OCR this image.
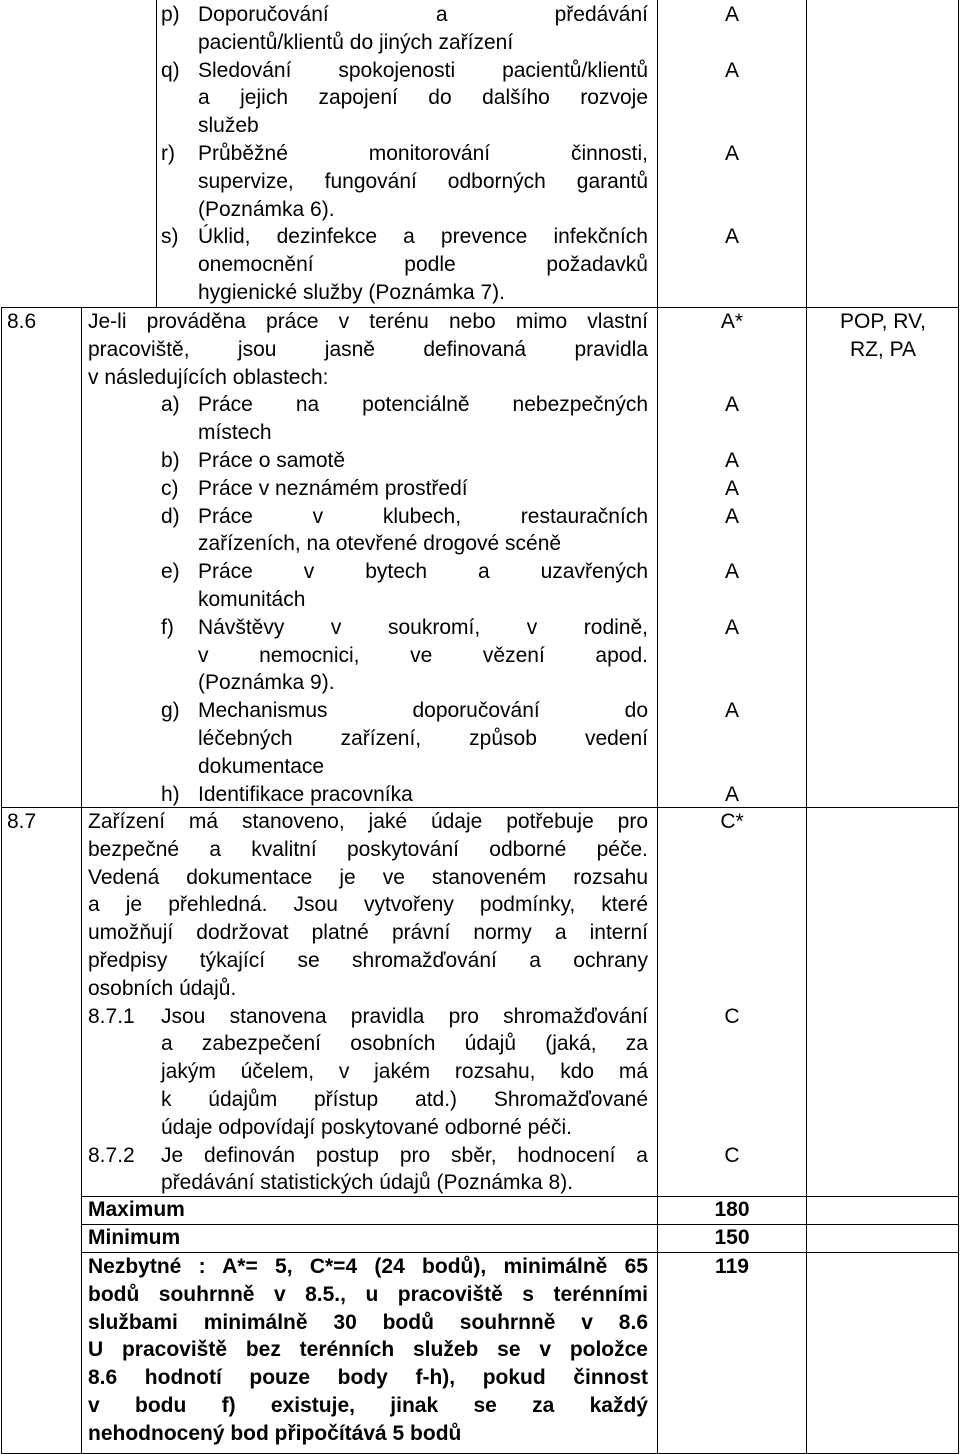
p) Doporučování a předávání
pacientů/klientů do jiných zařízení
A
q) Sledování spokojenosti pacientů/klientů
a jejich zapojení do dalšího rozvoje
služeb
A
r) Průběžné monitorování činnosti,
supervize, fungování odborných garantů
(Poznámka 6).
A
s) Úklid, dezinfekce a prevence infekčních
onemocnění podle požadavků
hygienické služby (Poznámka 7).
A
8.6 Je-li prováděna práce v terénu nebo mimo vlastní
pracoviště, jsou jasně definovaná pravidla
v následujících oblastech:
A*	POP, RV,
RZ, PA
a) Práce na potenciálně nebezpečných
místech
A
b) Práce o samotě	A
c) Práce v neznámém prostředí	A
d) Práce v klubech, restauračních
zařízeních, na otevřené drogové scéně
A
e) Práce v bytech a uzavřených
komunitách
A
f) Návštěvy v soukromí, v rodině,
v nemocnici, ve vězení apod.
(Poznámka 9).
A
g) Mechanismus doporučování do
léčebných zařízení, způsob vedení
dokumentace
A
h) Identifikace pracovníka	A
8.7 Zařízení má stanoveno, jaké údaje potřebuje pro
bezpečné a kvalitní poskytování odborné péče.
Vedená dokumentace je ve stanoveném rozsahu
a je přehledná. Jsou vytvořeny podmínky, které
umožňují dodržovat platné právní normy a interní
předpisy týkající se shromažďování a ochrany
osobních údajů.
C*
8.7.1 Jsou stanovena pravidla pro shromažďování
a zabezpečení osobních údajů (jaká, za
jakým účelem, v jakém rozsahu, kdo má
k údajům přístup atd.) Shromažďované
údaje odpovídají poskytované odborné péči.
C
8.7.2 Je definován postup pro sběr, hodnocení a
předávání statistických údajů (Poznámka 8).
C
Maximum	180
Minimum	150
Nezbytné : A*= 5, C*=4 (24 bodů), minimálně 65
bodů souhrnně v 8.5., u pracoviště s terénními
službami minimálně 30 bodů souhrnně v 8.6
U pracoviště bez terénních služeb se v položce
8.6 hodnotí pouze body f-h), pokud činnost
v bodu f) existuje, jinak se za každý
nehodnocený bod připočítává 5 bodů
119
